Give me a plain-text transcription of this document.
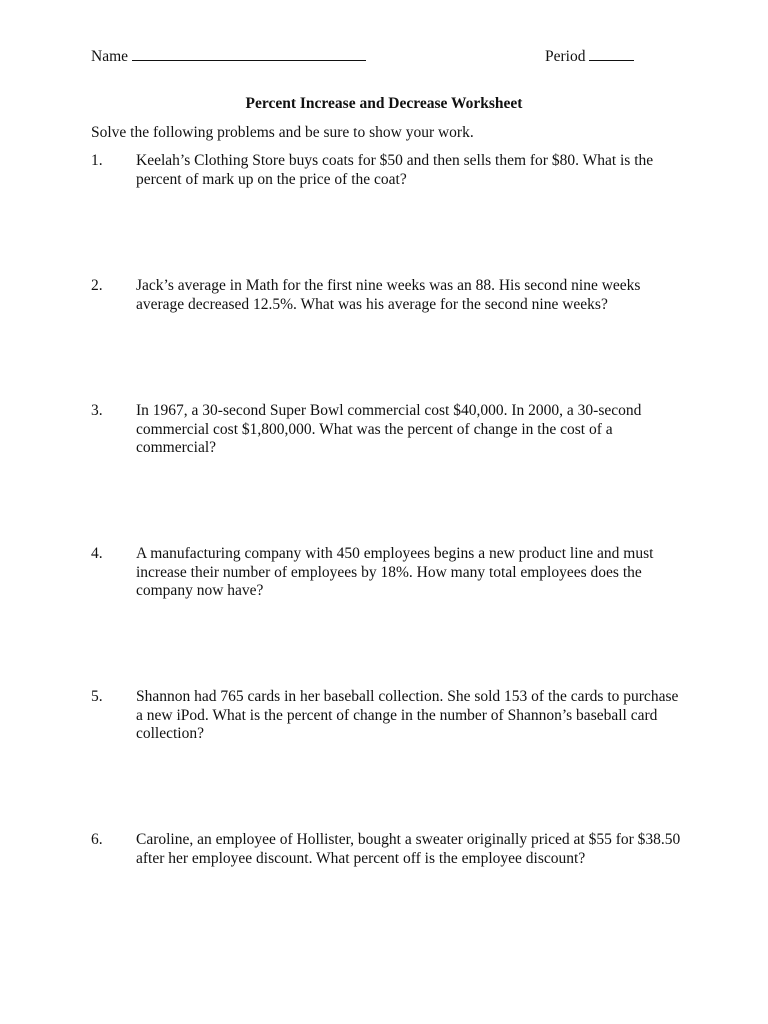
Name	Period
Percent Increase and Decrease Worksheet
Solve the following problems and be sure to show your work.
1.	Keelah’s Clothing Store buys coats for $50 and then sells them for $80. What is the percent of mark up on the price of the coat?
2.	Jack’s average in Math for the first nine weeks was an 88. His second nine weeks average decreased 12.5%. What was his average for the second nine weeks?
3.	In 1967, a 30-second Super Bowl commercial cost $40,000. In 2000, a 30-second commercial cost $1,800,000. What was the percent of change in the cost of a commercial?
4.	A manufacturing company with 450 employees begins a new product line and must increase their number of employees by 18%. How many total employees does the company now have?
5.	Shannon had 765 cards in her baseball collection. She sold 153 of the cards to purchase a new iPod. What is the percent of change in the number of Shannon’s baseball card collection?
6.	Caroline, an employee of Hollister, bought a sweater originally priced at $55 for $38.50 after her employee discount. What percent off is the employee discount?
